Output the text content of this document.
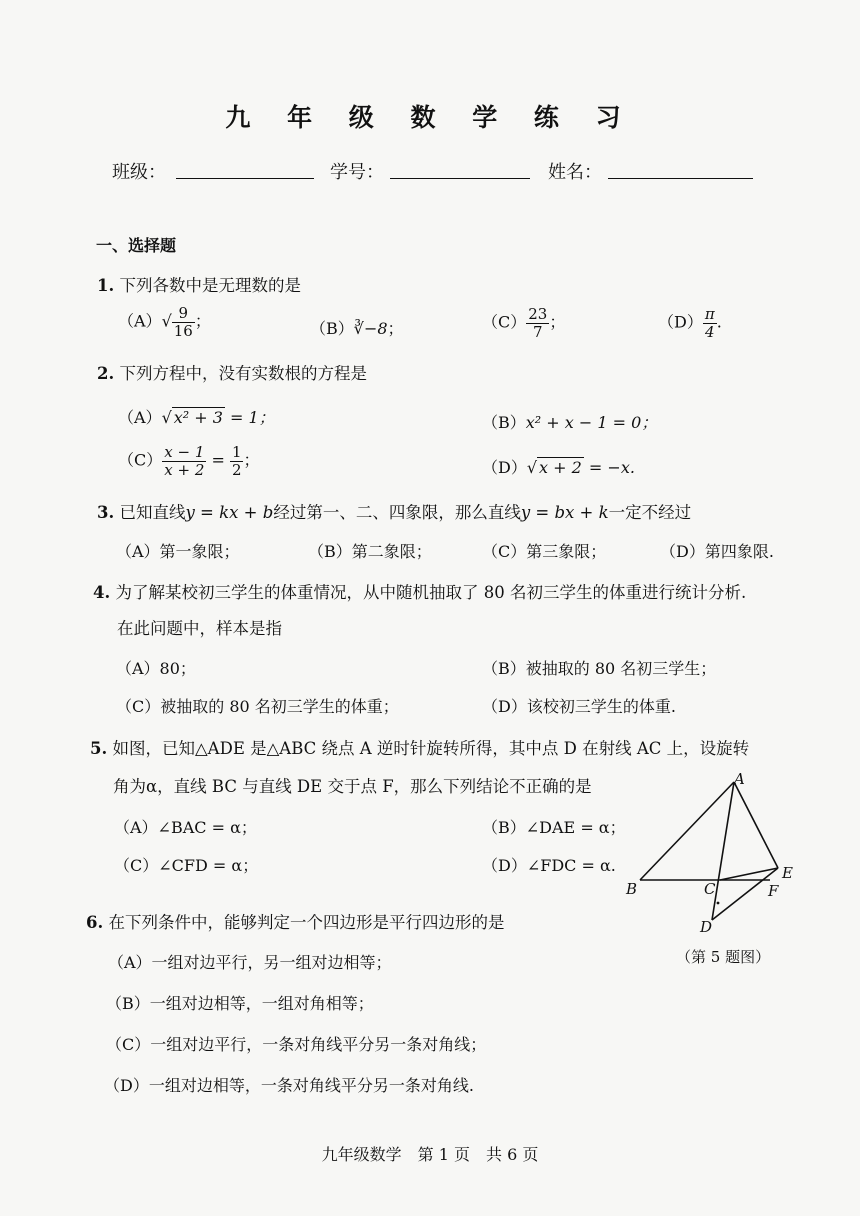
九 年 级 数 学 练 习
班级：	学号：	姓名：
一、选择题
1. 下列各数中是无理数的是
$(A)√ \frac{9}{16}$ ；	（B）∛−8；	$(C) \frac{23}{7}$ ；	$(D) \frac{\pi}{4}$ .
2. 下列方程中，没有实数根的方程是
（A）√ x² + 3 = 1；	（B）x² + x − 1 = 0；
$(C) \frac{x - 1}{x + 2} = \frac{1}{2}$ ；	（D）√ x + 2 = −x.
3. 已知直线y = kx + b经过第一、二、四象限，那么直线y = bx + k一定不经过
（A）第一象限；	（B）第二象限；	（C）第三象限；	（D）第四象限.
4. 为了解某校初三学生的体重情况，从中随机抽取了 80 名初三学生的体重进行统计分析.
在此问题中，样本是指
（A）80；	（B）被抽取的 80 名初三学生；
（C）被抽取的 80 名初三学生的体重；	（D）该校初三学生的体重.
5. 如图，已知△ADE 是△ABC 绕点 A 逆时针旋转所得，其中点 D 在射线 AC 上，设旋转
角为α，直线 BC 与直线 DE 交于点 F，那么下列结论不正确的是
（A）∠BAC = α；	（B）∠DAE = α；
（C）∠CFD = α；	（D）∠FDC = α.
A
B	C
D
E
F
（第 5 题图）
6. 在下列条件中，能够判定一个四边形是平行四边形的是
（A）一组对边平行，另一组对边相等；
（B）一组对边相等，一组对角相等；
（C）一组对边平行，一条对角线平分另一条对角线；
（D）一组对边相等，一条对角线平分另一条对角线.
九年级数学　第 1 页　共 6 页
